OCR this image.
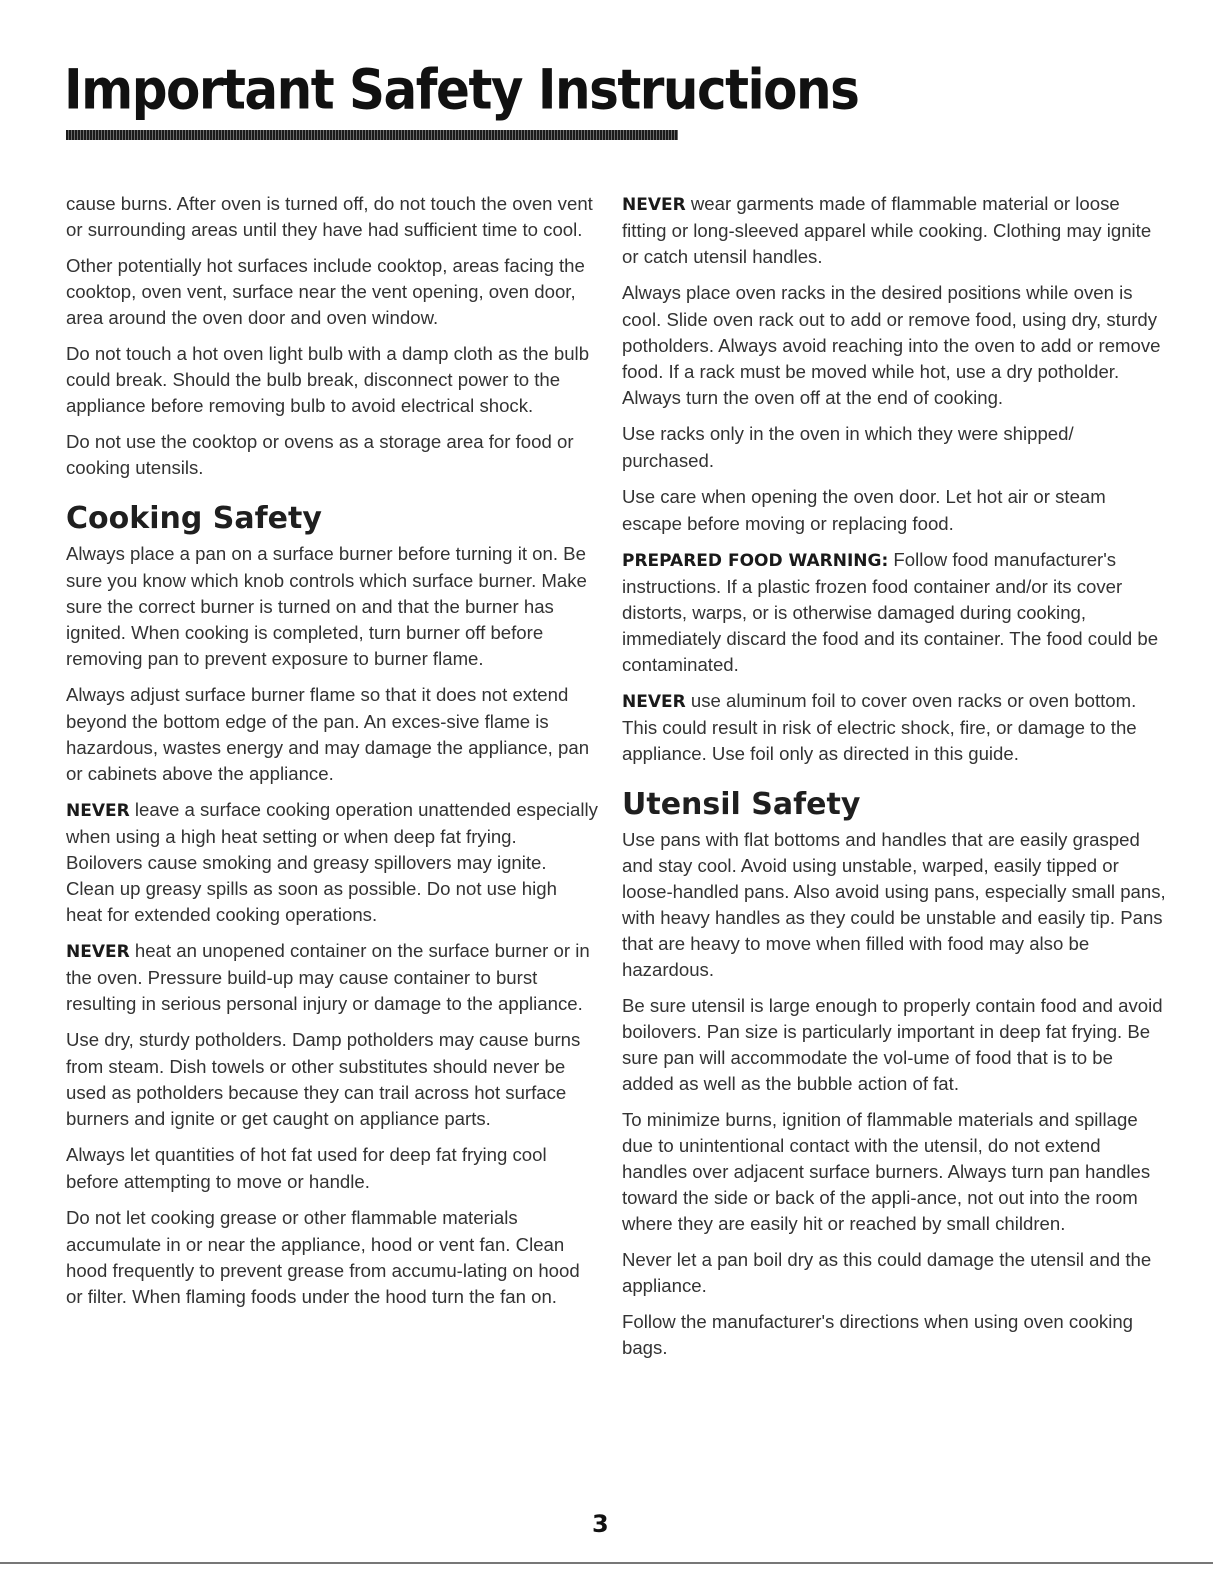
Important Safety Instructions

cause burns. After oven is turned off, do not touch the oven vent or surrounding areas until they have had sufficient time to cool.

Other potentially hot surfaces include cooktop, areas facing the cooktop, oven vent, surface near the vent opening, oven door, area around the oven door and oven window.

Do not touch a hot oven light bulb with a damp cloth as the bulb could break. Should the bulb break, disconnect power to the appliance before removing bulb to avoid electrical shock.

Do not use the cooktop or ovens as a storage area for food or cooking utensils.

Cooking Safety

Always place a pan on a surface burner before turning it on. Be sure you know which knob controls which surface burner. Make sure the correct burner is turned on and that the burner has ignited. When cooking is completed, turn burner off before removing pan to prevent exposure to burner flame.

Always adjust surface burner flame so that it does not extend beyond the bottom edge of the pan. An exces-sive flame is hazardous, wastes energy and may damage the appliance, pan or cabinets above the appliance.

NEVER leave a surface cooking operation unattended especially when using a high heat setting or when deep fat frying. Boilovers cause smoking and greasy spillovers may ignite. Clean up greasy spills as soon as possible. Do not use high heat for extended cooking operations.

NEVER heat an unopened container on the surface burner or in the oven. Pressure build-up may cause container to burst resulting in serious personal injury or damage to the appliance.

Use dry, sturdy potholders. Damp potholders may cause burns from steam. Dish towels or other substitutes should never be used as potholders because they can trail across hot surface burners and ignite or get caught on appliance parts.

Always let quantities of hot fat used for deep fat frying cool before attempting to move or handle.

Do not let cooking grease or other flammable materials accumulate in or near the appliance, hood or vent fan. Clean hood frequently to prevent grease from accumu-lating on hood or filter. When flaming foods under the hood turn the fan on.

NEVER wear garments made of flammable material or loose fitting or long-sleeved apparel while cooking. Clothing may ignite or catch utensil handles.

Always place oven racks in the desired positions while oven is cool. Slide oven rack out to add or remove food, using dry, sturdy potholders. Always avoid reaching into the oven to add or remove food. If a rack must be moved while hot, use a dry potholder. Always turn the oven off at the end of cooking.

Use racks only in the oven in which they were shipped/ purchased.

Use care when opening the oven door. Let hot air or steam escape before moving or replacing food.

PREPARED FOOD WARNING: Follow food manufacturer's instructions. If a plastic frozen food container and/or its cover distorts, warps, or is otherwise damaged during cooking, immediately discard the food and its container. The food could be contaminated.

NEVER use aluminum foil to cover oven racks or oven bottom. This could result in risk of electric shock, fire, or damage to the appliance. Use foil only as directed in this guide.

Utensil Safety

Use pans with flat bottoms and handles that are easily grasped and stay cool. Avoid using unstable, warped, easily tipped or loose-handled pans. Also avoid using pans, especially small pans, with heavy handles as they could be unstable and easily tip. Pans that are heavy to move when filled with food may also be hazardous.

Be sure utensil is large enough to properly contain food and avoid boilovers. Pan size is particularly important in deep fat frying. Be sure pan will accommodate the vol-ume of food that is to be added as well as the bubble action of fat.

To minimize burns, ignition of flammable materials and spillage due to unintentional contact with the utensil, do not extend handles over adjacent surface burners. Always turn pan handles toward the side or back of the appli-ance, not out into the room where they are easily hit or reached by small children.

Never let a pan boil dry as this could damage the utensil and the appliance.

Follow the manufacturer's directions when using oven cooking bags.

3
